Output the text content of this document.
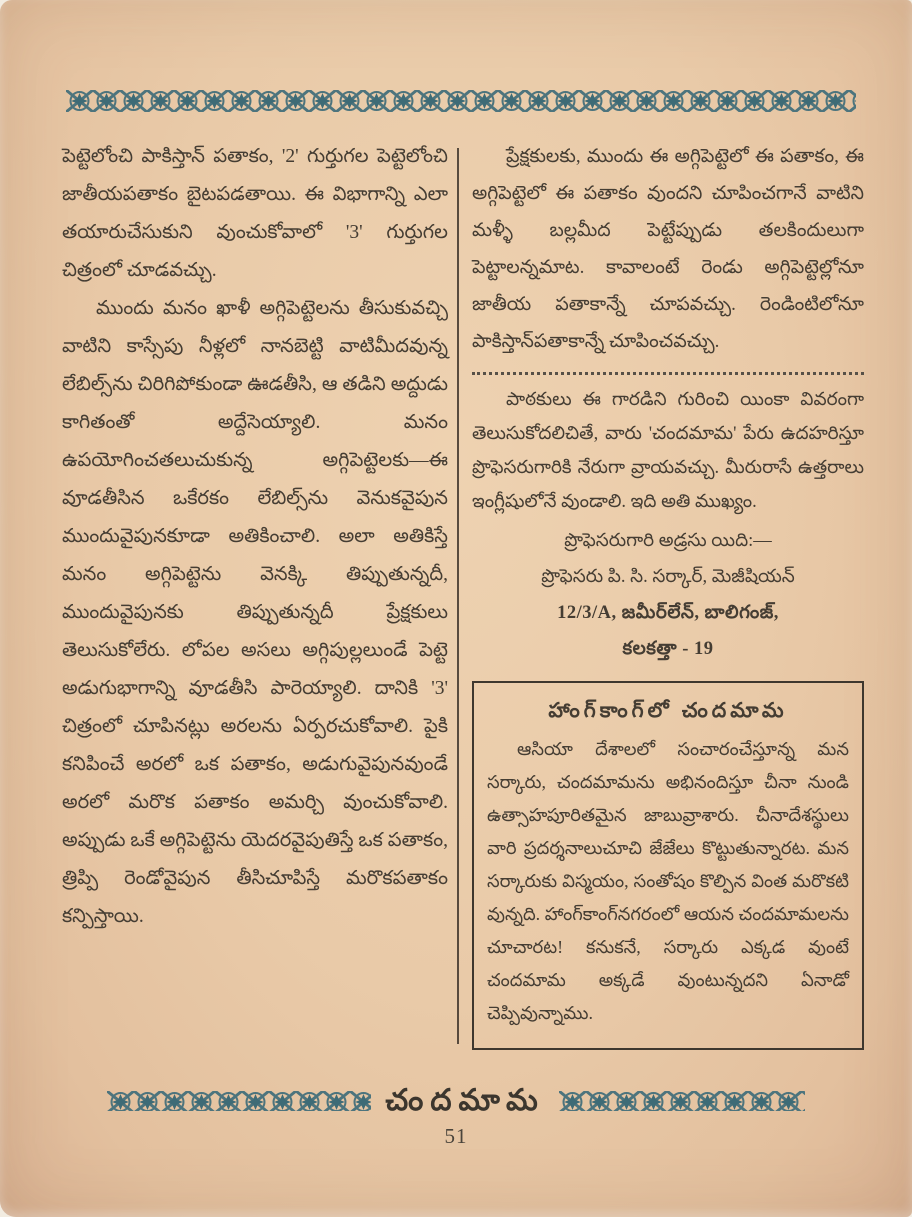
పెట్టెలోంచి పాకిస్తాన్ పతాకం, '2' గుర్తుగల పెట్టెలోంచి జాతీయపతాకం బైటపడతాయి. ఈ విభాగాన్ని ఎలా తయారుచేసుకుని వుంచుకోవాలో '3' గుర్తుగల చిత్రంలో చూడవచ్చు.

ముందు మనం ఖాళీ అగ్గిపెట్టెలను తీసుకువచ్చి వాటిని కాస్సేపు నీళ్లలో నానబెట్టి వాటిమీదవున్న లేబిల్స్‌ను చిరిగిపోకుండా ఊడతీసి, ఆ తడిని అద్దుడు కాగితంతో అద్దేసెయ్యాలి. మనం ఉపయోగించతలుచుకున్న అగ్గిపెట్టెలకు—ఈ వూడతీసిన ఒకేరకం లేబిల్స్‌ను వెనుకవైపున ముందువైపునకూడా అతికించాలి. అలా అతికిస్తే మనం అగ్గిపెట్టెను వెనక్కి తిప్పుతున్నదీ, ముందువైపునకు తిప్పుతున్నదీ ప్రేక్షకులు తెలుసుకోలేరు. లోపల అసలు అగ్గిపుల్లలుండే పెట్టె అడుగుభాగాన్ని వూడతీసి పారెయ్యాలి. దానికి '3' చిత్రంలో చూపినట్లు అరలను ఏర్పరచుకోవాలి. పైకి కనిపించే అరలో ఒక పతాకం, అడుగువైపునవుండే అరలో మరొక పతాకం అమర్చి వుంచుకోవాలి. అప్పుడు ఒకే అగ్గిపెట్టెను యెదరవైపుతిస్తే ఒక పతాకం, త్రిప్పి రెండోవైపున తీసిచూపిస్తే మరొకపతాకం కన్పిస్తాయి.

ప్రేక్షకులకు, ముందు ఈ అగ్గిపెట్టెలో ఈ పతాకం, ఈ అగ్గిపెట్టెలో ఈ పతాకం వుందని చూపించగానే వాటిని మళ్ళీ బల్లమీద పెట్టేప్పుడు తలకిందులుగా పెట్టాలన్నమాట. కావాలంటే రెండు అగ్గిపెట్టెల్లోనూ జాతీయ పతాకాన్నే చూపవచ్చు. రెండింటిలోనూ పాకిస్తాన్‌పతాకాన్నే చూపించవచ్చు.

పాఠకులు ఈ గారడిని గురించి యింకా వివరంగా తెలుసుకోదలిచితే, వారు 'చందమామ' పేరు ఉదహరిస్తూ ప్రొఫెసరుగారికి నేరుగా వ్రాయవచ్చు. మీరురాసే ఉత్తరాలు ఇంగ్లీషులోనే వుండాలి. ఇది అతి ముఖ్యం.

ప్రొఫెసరుగారి అడ్రసు యిది:—
ప్రొఫెసరు పి. సి. సర్కార్, మెజీషియన్
12/3/A, జమీర్‌లేన్, బాలిగంజ్,
కలకత్తా - 19
హాంగ్‌కాంగ్‌లో చందమామ

ఆసియా దేశాలలో సంచారంచేస్తూన్న మన సర్కారు, చందమామను అభినందిస్తూ చీనా నుండి ఉత్సాహపూరితమైన జాబువ్రాశారు. చీనాదేశస్థులు వారి ప్రదర్శనాలుచూచి జేజేలు కొట్టుతున్నారట. మన సర్కారుకు విస్మయం, సంతోషం కొల్పిన వింత మరొకటి వున్నది. హాంగ్‌కాంగ్‌నగరంలో ఆయన చందమామలను చూచారట! కనుకనే, సర్కారు ఎక్కడ వుంటే చందమామ అక్కడే వుంటున్నదని ఏనాడో చెప్పివున్నాము.

చందమామ
51
